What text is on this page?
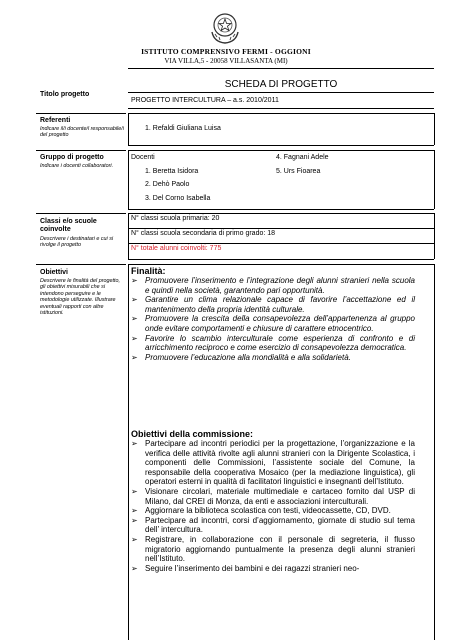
ISTITUTO COMPRENSIVO FERMI - OGGIONI
VIA VILLA,5 - 20058 VILLASANTA (MI)
SCHEDA DI PROGETTO
Titolo progetto
PROGETTO INTERCULTURA – a.s. 2010/2011
Referenti
Indicare il/i docente/i responsabile/i del progetto
1. Refaldi Giuliana Luisa
Gruppo di progetto
Indicare i docenti collaboratori.
Docenti
1. Beretta Isidora
2. Dehò Paolo
3. Del Corno Isabella
4. Fagnani Adele
5. Urs Fioarea
Classi e/o scuole coinvolte
Descrivere i destinatari e cui si rivolge il progetto
N° classi scuola primaria: 20
N° classi scuola secondaria di primo grado: 18
N° totale alunni coinvolti: 775
Obiettivi
Descrivere le finalità del progetto, gli obiettivi misurabili che si intendono perseguire e le metodologie utilizzate. Illustrare eventuali rapporti con altre istituzioni.
Finalità:
➢ Promuovere l’inserimento e l’integrazione degli alunni stranieri nella scuola e quindi nella società, garantendo pari opportunità.
➢ Garantire un clima relazionale capace di favorire l’accettazione ed il mantenimento della propria identità culturale.
➢ Promuovere la crescita della consapevolezza dell’appartenenza al gruppo onde evitare comportamenti e chiusure di carattere etnocentrico.
➢ Favorire lo scambio interculturale come esperienza di confronto e di arricchimento reciproco e come esercizio di consapevolezza democratica.
➢ Promuovere l’educazione alla mondialità e alla solidarietà.
Obiettivi della commissione:
➢ Partecipare ad incontri periodici per la progettazione, l’organizzazione e la verifica delle attività rivolte agli alunni stranieri con la Dirigente Scolastica, i componenti delle Commissioni, l’assistente sociale del Comune, la responsabile della cooperativa Mosaico (per la mediazione linguistica), gli operatori esterni in qualità di facilitatori linguistici e insegnanti dell’Istituto.
➢ Visionare circolari, materiale multimediale e cartaceo fornito dal USP di Milano, dal CREI di Monza, da enti e associazioni interculturali.
➢ Aggiornare la biblioteca scolastica con testi, videocassette, CD, DVD.
➢ Partecipare ad incontri, corsi d’aggiornamento, giornate di studio sul tema dell’ intercultura.
➢ Registrare, in collaborazione con il personale di segreteria, il flusso migratorio aggiornando puntualmente la presenza degli alunni stranieri nell’Istituto.
➢ Seguire l’inserimento dei bambini e dei ragazzi stranieri neo-
